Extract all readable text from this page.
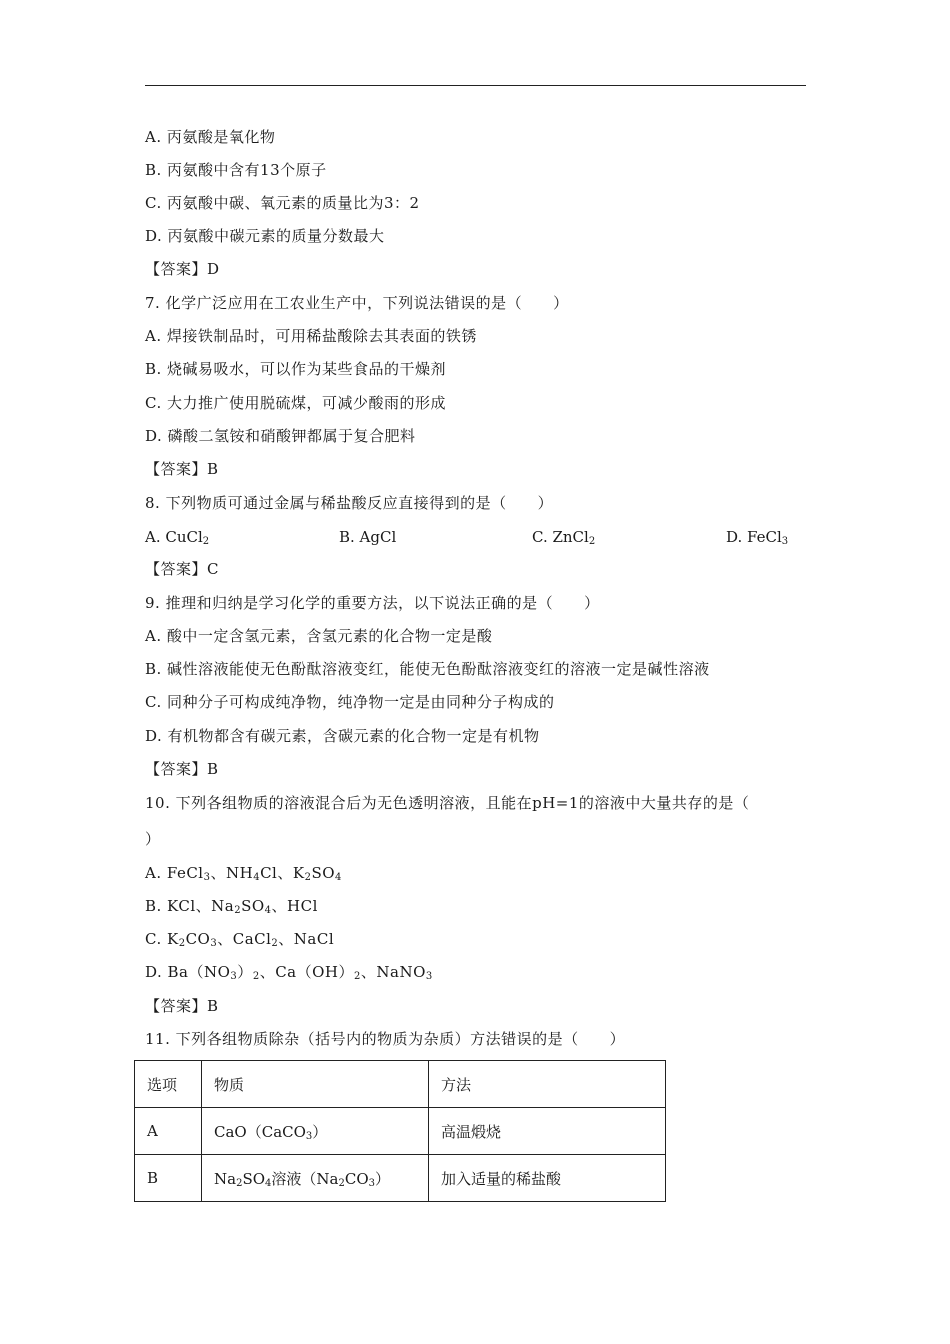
A. 丙氨酸是氧化物
B. 丙氨酸中含有13个原子
C. 丙氨酸中碳、氧元素的质量比为3：2
D. 丙氨酸中碳元素的质量分数最大
【答案】D
7. 化学广泛应用在工农业生产中，下列说法错误的是（　　）
A. 焊接铁制品时，可用稀盐酸除去其表面的铁锈
B. 烧碱易吸水，可以作为某些食品的干燥剂
C. 大力推广使用脱硫煤，可减少酸雨的形成
D. 磷酸二氢铵和硝酸钾都属于复合肥料
【答案】B
8. 下列物质可通过金属与稀盐酸反应直接得到的是（　　）
A. CuCl$_2$	B. AgCl	C. ZnCl$_2$	D. FeCl$_3$
【答案】C
9. 推理和归纳是学习化学的重要方法，以下说法正确的是（　　）
A. 酸中一定含氢元素，含氢元素的化合物一定是酸
B. 碱性溶液能使无色酚酞溶液变红，能使无色酚酞溶液变红的溶液一定是碱性溶液
C. 同种分子可构成纯净物，纯净物一定是由同种分子构成的
D. 有机物都含有碳元素，含碳元素的化合物一定是有机物
【答案】B
10. 下列各组物质的溶液混合后为无色透明溶液，且能在pH=1的溶液中大量共存的是（
）
A. FeCl$_3$、$NH_4Cl$、$K_2SO_4$
B. KCl、$Na_2SO_4$、HCl
C. $K_2CO_3$、CaCl$_2$、NaCl
D. $Ba(NO_3)_2$、$Ca(OH)_2$、NaNO$_3$
【答案】B
11. 下列各组物质除杂（括号内的物质为杂质）方法错误的是（　　）
选项	物质	方法
A	CaO（CaCO$_3$）	高温煅烧
B	$Na_2SO_4$溶液$(Na_2CO_3)$	加入适量的稀盐酸
